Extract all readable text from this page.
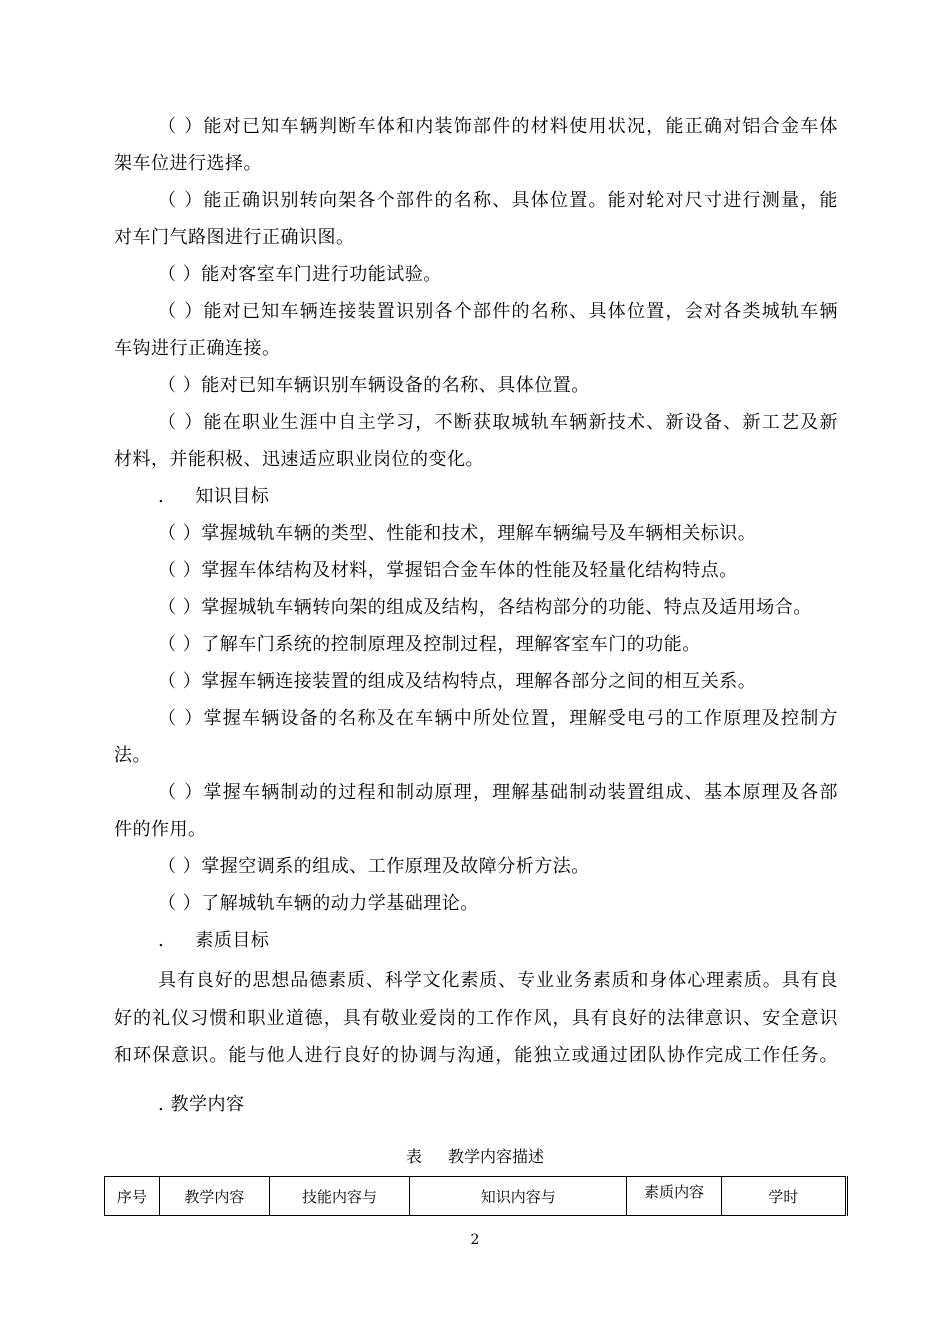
（ ）能对已知车辆判断车体和内装饰部件的材料使用状况，能正确对铝合金车体
架车位进行选择。
（ ）能正确识别转向架各个部件的名称、具体位置。能对轮对尺寸进行测量，能
对车门气路图进行正确识图。
（ ）能对客室车门进行功能试验。
（ ）能对已知车辆连接装置识别各个部件的名称、具体位置，会对各类城轨车辆
车钩进行正确连接。
（ ）能对已知车辆识别车辆设备的名称、具体位置。
（ ）能在职业生涯中自主学习，不断获取城轨车辆新技术、新设备、新工艺及新
材料，并能积极、迅速适应职业岗位的变化。
.     知识目标
（ ）掌握城轨车辆的类型、性能和技术，理解车辆编号及车辆相关标识。
（ ）掌握车体结构及材料，掌握铝合金车体的性能及轻量化结构特点。
（ ）掌握城轨车辆转向架的组成及结构，各结构部分的功能、特点及适用场合。
（ ）了解车门系统的控制原理及控制过程，理解客室车门的功能。
（ ）掌握车辆连接装置的组成及结构特点，理解各部分之间的相互关系。
（ ）掌握车辆设备的名称及在车辆中所处位置，理解受电弓的工作原理及控制方
法。
（ ）掌握车辆制动的过程和制动原理，理解基础制动装置组成、基本原理及各部
件的作用。
（ ）掌握空调系的组成、工作原理及故障分析方法。
（ ）了解城轨车辆的动力学基础理论。
.     素质目标
具有良好的思想品德素质、科学文化素质、专业业务素质和身体心理素质。具有良
好的礼仪习惯和职业道德，具有敬业爱岗的工作作风，具有良好的法律意识、安全意识
和环保意识。能与他人进行良好的协调与沟通，能独立或通过团队协作完成工作任务。
. 教学内容
表 教学内容描述
序号	教学内容	技能内容与	知识内容与	素质内容	学时
2
